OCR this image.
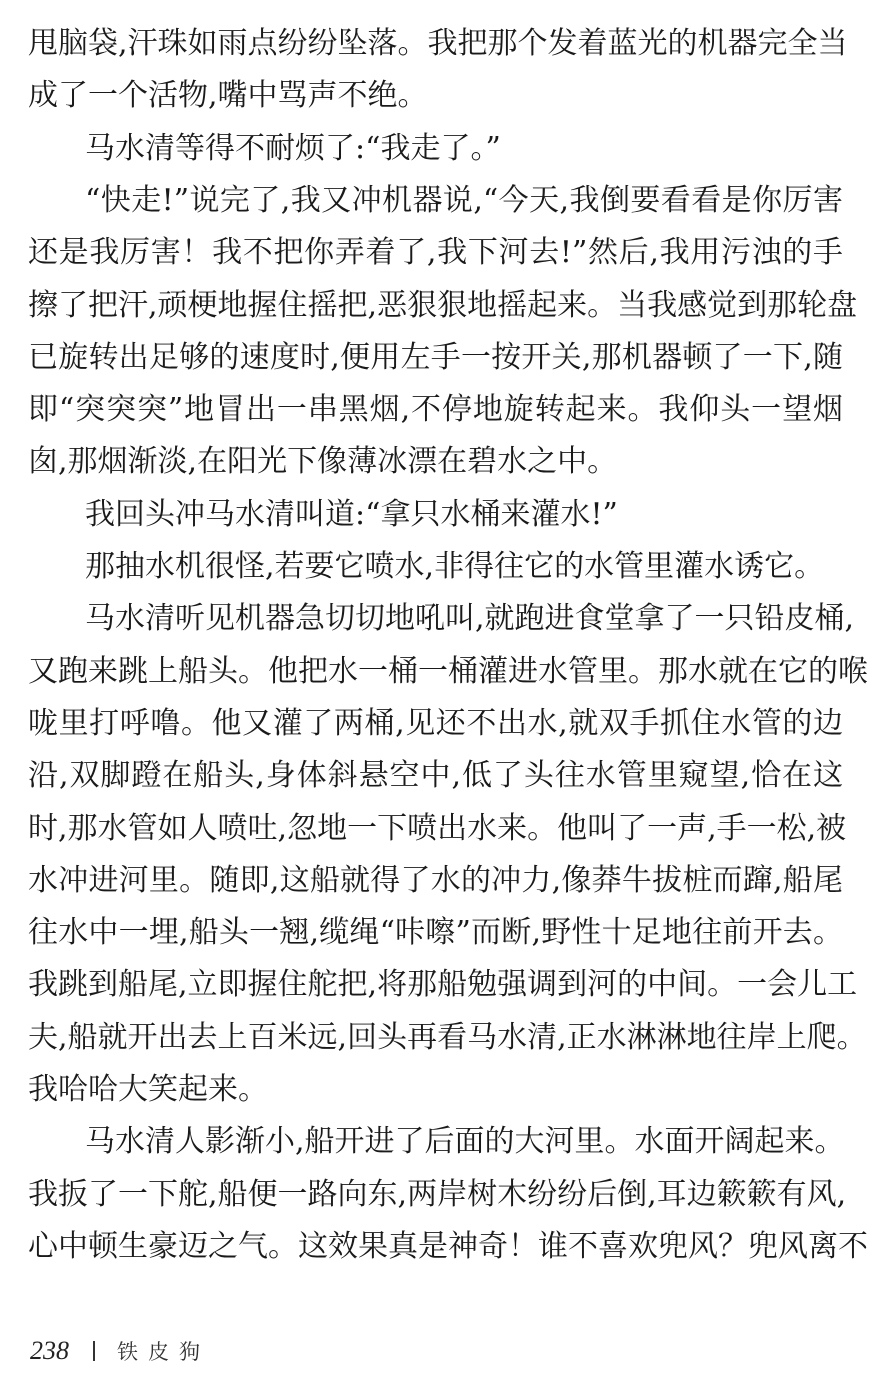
甩脑袋,汗珠如雨点纷纷坠落。我把那个发着蓝光的机器完全当
成了一个活物,嘴中骂声不绝。
马水清等得不耐烦了:“我走了。”
“快走!”说完了,我又冲机器说,“今天,我倒要看看是你厉害
还是我厉害！我不把你弄着了,我下河去!”然后,我用污浊的手
擦了把汗,顽梗地握住摇把,恶狠狠地摇起来。当我感觉到那轮盘
已旋转出足够的速度时,便用左手一按开关,那机器顿了一下,随
即“突突突”地冒出一串黑烟,不停地旋转起来。我仰头一望烟
囱,那烟渐淡,在阳光下像薄冰漂在碧水之中。
我回头冲马水清叫道:“拿只水桶来灌水!”
那抽水机很怪,若要它喷水,非得往它的水管里灌水诱它。
马水清听见机器急切切地吼叫,就跑进食堂拿了一只铅皮桶,
又跑来跳上船头。他把水一桶一桶灌进水管里。那水就在它的喉
咙里打呼噜。他又灌了两桶,见还不出水,就双手抓住水管的边
沿,双脚蹬在船头,身体斜悬空中,低了头往水管里窥望,恰在这
时,那水管如人喷吐,忽地一下喷出水来。他叫了一声,手一松,被
水冲进河里。随即,这船就得了水的冲力,像莽牛拔桩而蹿,船尾
往水中一埋,船头一翘,缆绳“咔嚓”而断,野性十足地往前开去。
我跳到船尾,立即握住舵把,将那船勉强调到河的中间。一会儿工
夫,船就开出去上百米远,回头再看马水清,正水淋淋地往岸上爬。
我哈哈大笑起来。
马水清人影渐小,船开进了后面的大河里。水面开阔起来。
我扳了一下舵,船便一路向东,两岸树木纷纷后倒,耳边簌簌有风,
心中顿生豪迈之气。这效果真是神奇！谁不喜欢兜风？兜风离不
238 铁皮狗
